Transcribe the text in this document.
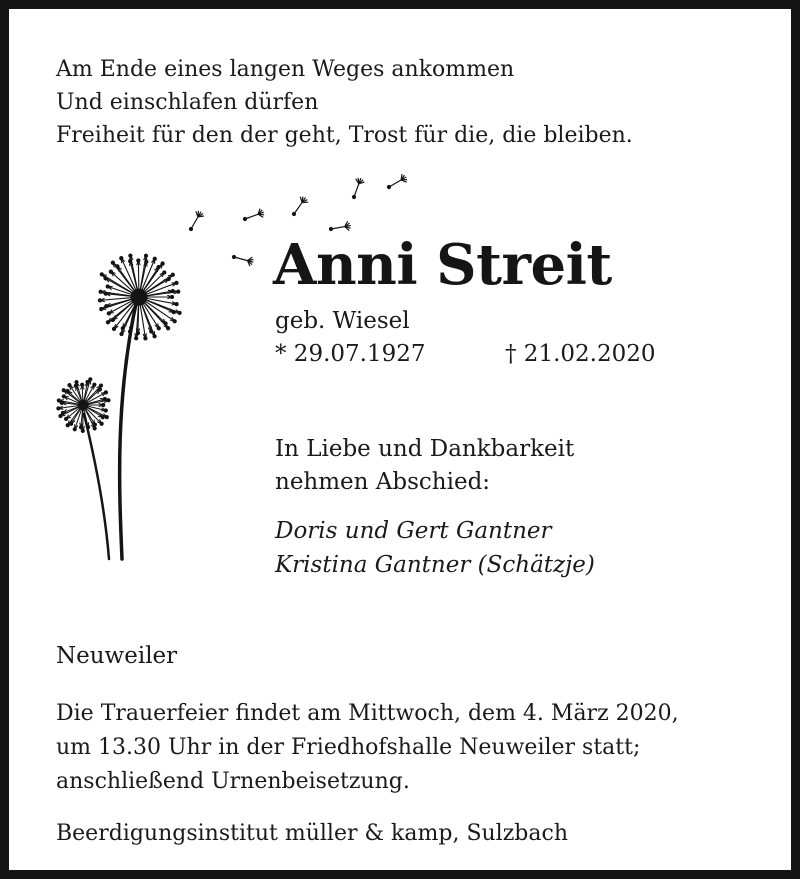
Am Ende eines langen Weges ankommen
Und einschlafen dürfen
Freiheit für den der geht, Trost für die, die bleiben.
Anni Streit
geb. Wiesel
* 29.07.1927	† 21.02.2020
In Liebe und Dankbarkeit
nehmen Abschied:
Doris und Gert Gantner
Kristina Gantner (Schätzje)
Neuweiler
Die Trauerfeier findet am Mittwoch, dem 4. März 2020,
um 13.30 Uhr in der Friedhofshalle Neuweiler statt;
anschließend Urnenbeisetzung.
Beerdigungsinstitut müller & kamp, Sulzbach
